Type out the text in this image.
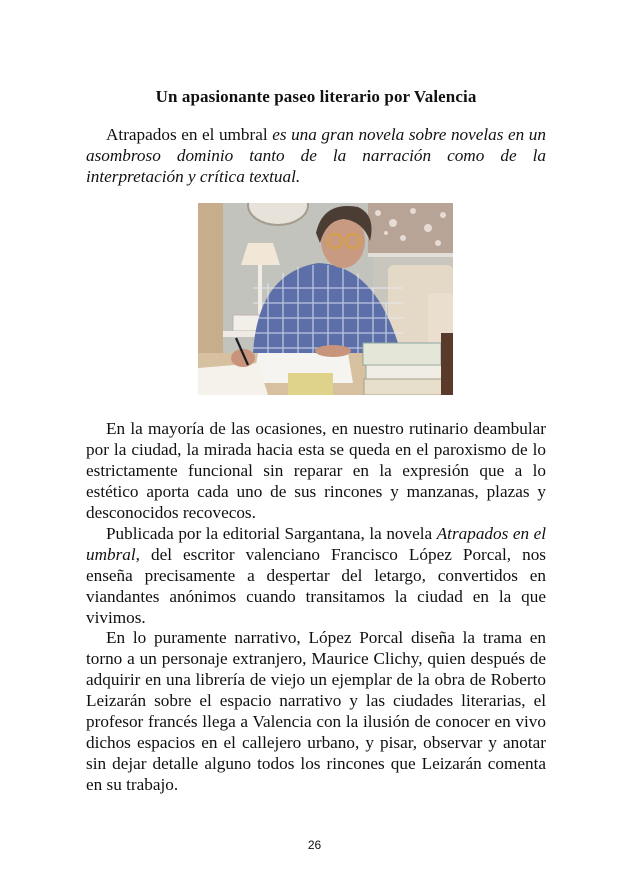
Un apasionante paseo literario por Valencia

Atrapados en el umbral es una gran novela sobre novelas en un asombroso dominio tanto de la narración como de la interpretación y crítica textual.

En la mayoría de las ocasiones, en nuestro rutinario deambular por la ciudad, la mirada hacia esta se queda en el paroxismo de lo estrictamente funcional sin reparar en la expresión que a lo estético aporta cada uno de sus rincones y manzanas, plazas y desconocidos recovecos.

Publicada por la editorial Sargantana, la novela Atrapados en el umbral, del escritor valenciano Francisco López Porcal, nos enseña precisamente a despertar del letargo, convertidos en viandantes anónimos cuando transitamos la ciudad en la que vivimos.

En lo puramente narrativo, López Porcal diseña la trama en torno a un personaje extranjero, Maurice Clichy, quien después de adquirir en una librería de viejo un ejemplar de la obra de Roberto Leizarán sobre el espacio narrativo y las ciudades literarias, el profesor francés llega a Valencia con la ilusión de conocer en vivo dichos espacios en el callejero urbano, y pisar, observar y anotar sin dejar detalle alguno todos los rincones que Leizarán comenta en su trabajo.

26
